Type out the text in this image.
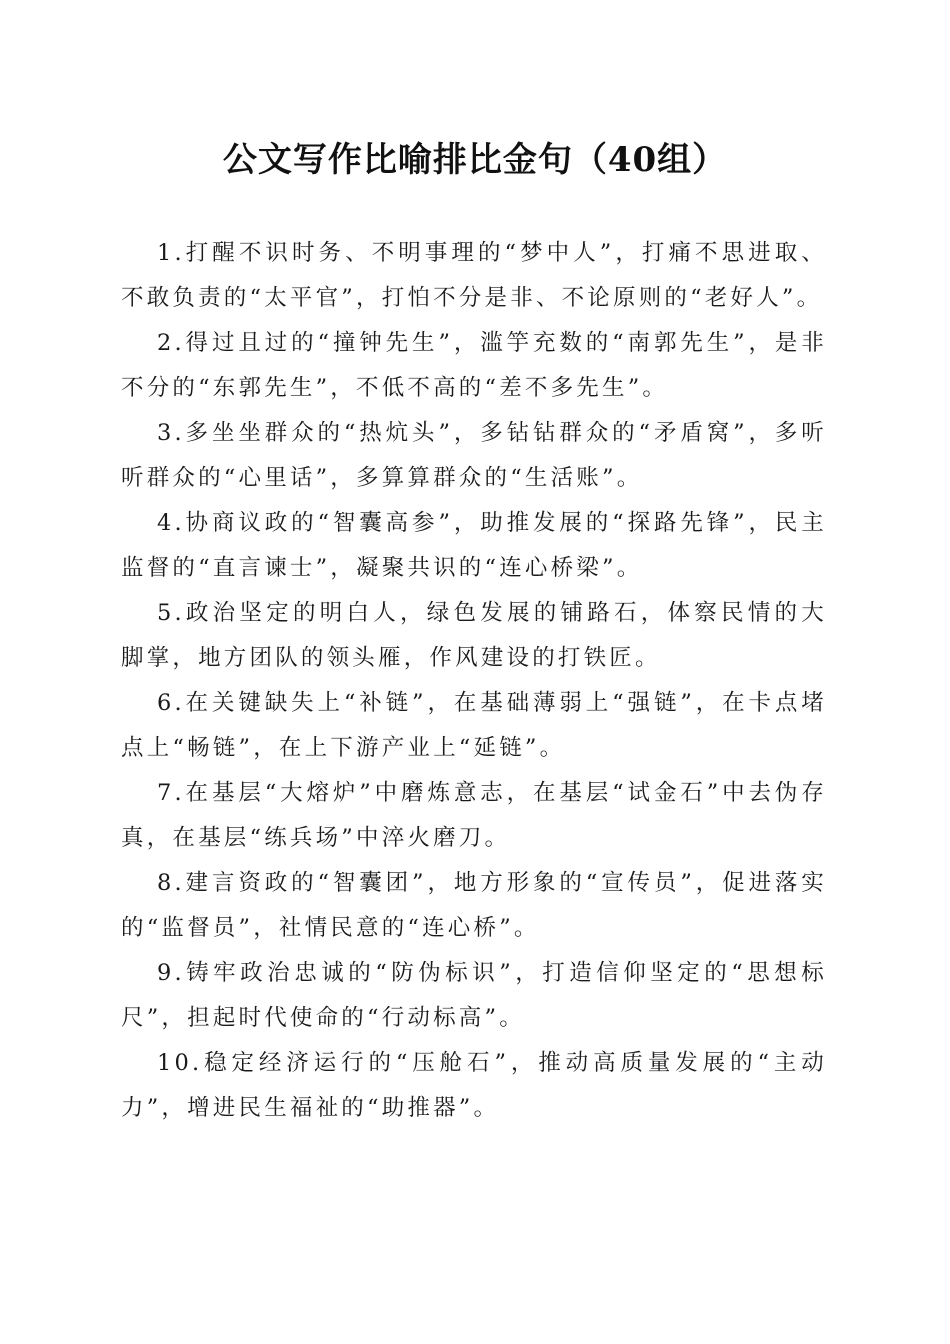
公文写作比喻排比金句（40组）

1.打醒不识时务、不明事理的“梦中人”，打痛不思进取、不敢负责的“太平官”，打怕不分是非、不论原则的“老好人”。

2.得过且过的“撞钟先生”，滥竽充数的“南郭先生”，是非不分的“东郭先生”，不低不高的“差不多先生”。

3.多坐坐群众的“热炕头”，多钻钻群众的“矛盾窝”，多听听群众的“心里话”，多算算群众的“生活账”。

4.协商议政的“智囊高参”，助推发展的“探路先锋”，民主监督的“直言谏士”，凝聚共识的“连心桥梁”。

5.政治坚定的明白人，绿色发展的铺路石，体察民情的大脚掌，地方团队的领头雁，作风建设的打铁匠。

6.在关键缺失上“补链”，在基础薄弱上“强链”，在卡点堵点上“畅链”，在上下游产业上“延链”。

7.在基层“大熔炉”中磨炼意志，在基层“试金石”中去伪存真，在基层“练兵场”中淬火磨刀。

8.建言资政的“智囊团”，地方形象的“宣传员”，促进落实的“监督员”，社情民意的“连心桥”。

9.铸牢政治忠诚的“防伪标识”，打造信仰坚定的“思想标尺”，担起时代使命的“行动标高”。

10.稳定经济运行的“压舱石”，推动高质量发展的“主动力”，增进民生福祉的“助推器”。
